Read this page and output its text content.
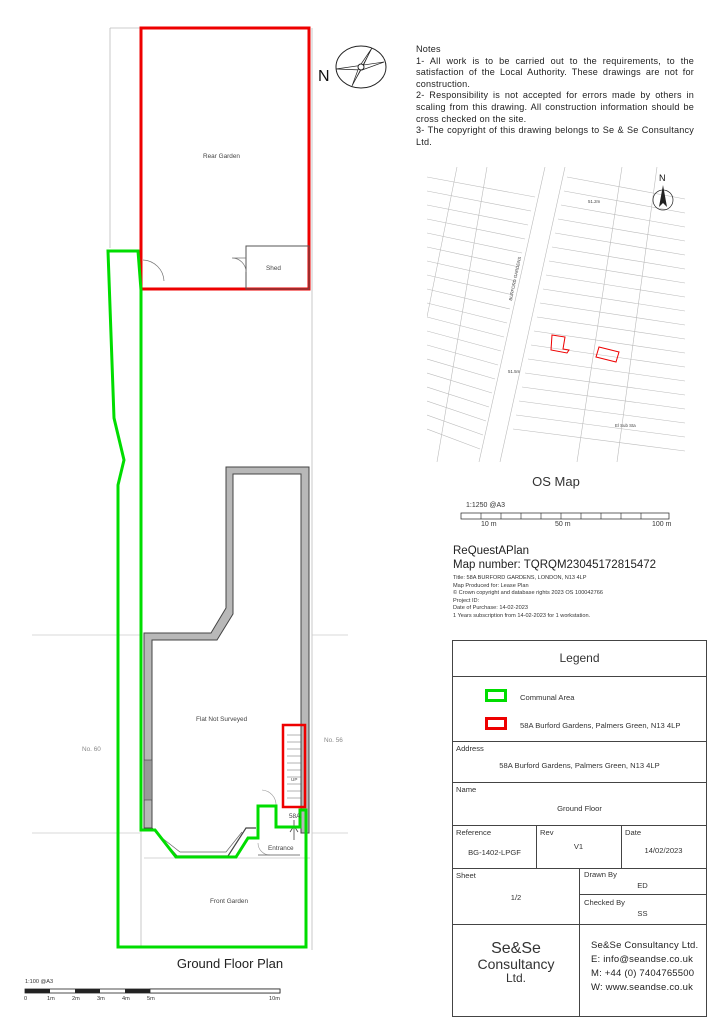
Rear Garden
Shed
Flat Not Surveyed
No. 60
No. 56
UP
58A
Entrance
Front Garden
Ground Floor Plan
1:100 @A3
0	1m	2m	3m	4m	5m	10m
N

Notes

1- All work is to be carried out to the requirements, to the satisfaction of the Local Authority. These drawings are not for construction.

2- Responsibility is not accepted for errors made by others in scaling from this drawing. All construction information should be cross checked on the site.

3- The copyright of this drawing belongs to Se & Se Consultancy Ltd.

N
BURFORD GARDENS
51.2m
51.5m
El Sub Sta
OS Map
1:1250 @A3
10 m	50 m	100 m
ReQuestAPlan
Map number: TQRQM23045172815472
Title: 58A BURFORD GARDENS, LONDON, N13 4LP
Map Produced for: Lease Plan
© Crown copyright and database rights 2023 OS 100042766
Project ID:
Date of Purchase: 14-02-2023
1 Years subscription from 14-02-2023 for 1 workstation.
Legend
Communal Area
58A Burford Gardens, Palmers Green, N13 4LP
Address
58A Burford Gardens, Palmers Green, N13 4LP
Name
Ground Floor
Reference
BG-1402-LPGF
Rev
V1
Date
14/02/2023
Sheet
1/2
Drawn By
ED
Checked By
SS
Se&Se
Consultancy
Ltd.
Se&Se Consultancy Ltd.
E: info@seandse.co.uk
M: +44 (0) 7404765500
W: www.seandse.co.uk
